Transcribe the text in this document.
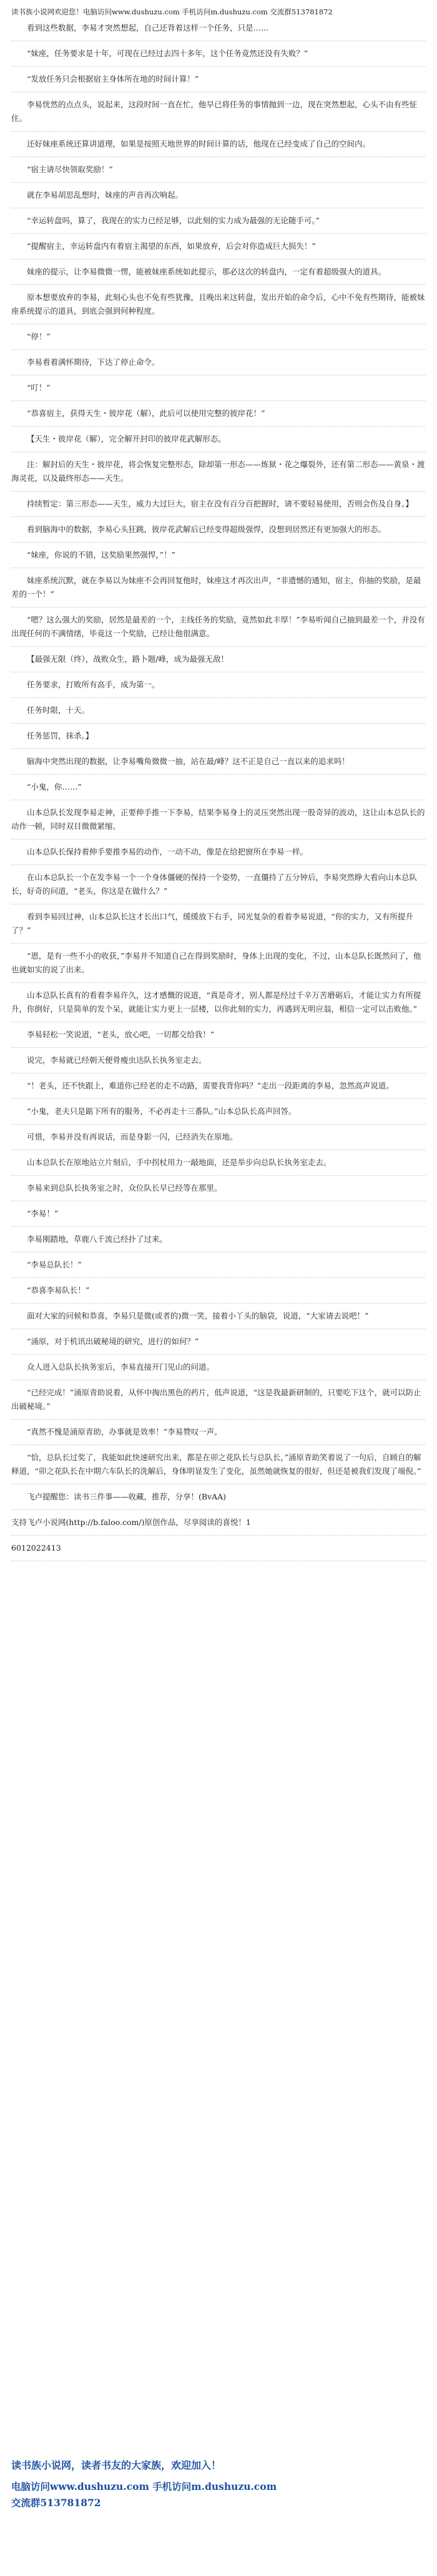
读书族小说网欢迎您！电脑访问www.dushuzu.com 手机访问m.dushuzu.com 交流群513781872

看到这些数据，李易才突然想起，自己还背着这样一个任务，只是……

“妹座，任务要求是十年，可现在已经过去四十多年，这个任务竟然还没有失败？”

“发放任务只会根据宿主身体所在地的时间计算！”

李易恍然的点点头，说起来，这段时间一直在忙，他早已将任务的事情抛到一边，现在突然想起，心头不由有些怔住。

还好妹座系统还算讲道理，如果是按照天地世界的时间计算的话，他现在已经变成了自己的空间内。

“宿主请尽快领取奖励！”

就在李易胡思乱想时，妹座的声音再次响起。

“幸运转盘吗，算了，我现在的实力已经足够，以此刻的实力成为最强的无论随手可。”

“提醒宿主，幸运转盘内有着宿主渴望的东西，如果放弃，后会对你造成巨大损失！”

妹座的提示，让李易微微一愣，能被妹座系统如此提示，那必这次的转盘内，一定有着超级强大的道具。

原本想要放弃的李易，此刻心头也不免有些犹豫，且晚出来这转盘，发出开始的命令后，心中不免有些期待，能被妹座系统提示的道具，到底会强到何种程度。

“停！”

李易看着满怀期待，下达了停止命令。

“叮！”

“恭喜宿主，获得天生・彼岸花（解），此后可以使用完整的彼岸花！”

【天生・彼岸花（解），完全解开封印的彼岸花武解形态。

注：解封后的天生・彼岸花，将会恢复完整形态，除却第一形态——炼狱・花之爆裂外，还有第二形态——黄泉・渡海灵花，以及最终形态——天生。

持续暂定：第三形态——天生，威力大过巨大，宿主在没有百分百把握时，请不要轻易使用，否则会伤及自身。】

看到脑海中的数据，李易心头狂跳，彼岸花武解后已经变得超级强悍，没想到居然还有更加强大的形态。

“妹座，你说的不错，这奖励果然强悍，”！”

妹座系统沉默，就在李易以为妹座不会再回复他时，妹座这才再次出声，“非遗憾的通知，宿主，你抽的奖励，是最差的一个！”

“嗯？这么强大的奖励，居然是最差的一个，主线任务的奖励，竟然如此丰厚！”李易听闻自己抽到最差一个，并没有出现任何的不满情绪，毕竟这一个奖励，已经让他很满意。

【最强无限（终），战败众生，路卜题/峰，成为最强无敌！

任务要求，打败所有高手，成为第一。

任务时限，十天。

任务惩罚，抹杀。】

脑海中突然出现的数据，让李易嘴角微微一抽，站在最/峰？这不正是自己一直以来的追求吗！

“小鬼，你……”

山本总队长发现李易走神，正要伸手推一下李易，结果李易身上的灵压突然出现一股奇异的波动，这让山本总队长的动作一顿，同时双目微微紧缩。

山本总队长保持着伸手要推李易的动作，一动不动，像是在给把窗所在李易一样。

在山本总队长一个在发李易一个一个身体僵硬的保持一个姿势，一直僵持了五分钟后，李易突然睁大看向山本总队长，好奇的问道，“老头，你这是在做什么？”

看到李易回过神，山本总队长这才长出口气，缓缓放下右手，同光复杂的看着李易说道，“你的实力，又有所提升了？”

“恩，是有一些不小的收获，”李易并不知道自己在得到奖励时，身体上出现的变化，不过，山本总队长既然问了，他也就如实的说了出来。

山本总队长真有的看着李易许久，这才感慨的说道，“真是奇才，别人都是经过千辛万苦磨砺后，才能让实力有所提升，你倒好，只是简单的发个呆，就能让实力更上一层楼，以你此刻的实力，再遇到无明应翁，相信一定可以击败他。”

李易轻松一笑说道，“老头，放心吧，一切都交给我！”

说完，李易就已经朝天便骨瘦虫达队长执务室走去。

“！老头，还不快跟上，难道你已经老的走不动路，需要我背你吗？”走出一段距离的李易，忽然高声说道。

“小鬼，老夫只是踮下所有的服务，不必再走十三番队。”山本总队长高声回答。

可惜，李易并没有再说话，而是身影一闪，已经消失在原地。

山本总队长在原地站立片刻后，手中拐杖用力一敲地面，还是举步向总队长执务室走去。

李易来到总队长执务室之时，众位队长早已经等在那里。

“李易！”

李易刚踏地，草鹿八千流已经扑了过来。

“李易总队长！”

“恭喜李易队长！”

面对大家的问候和恭喜，李易只是微(或者的)微一笑，接着小丫头的脑袋，说道，“大家请去说吧！”

“涌原，对于机讯出破秘境的研究，进行的如何？”

众人进入总队长执务室后，李易直接开门见山的问道。

“已经完成！”涌原青助说着，从怀中掏出黑色的药片，低声说道，“这是我最新研制的，只要吃下这个，就可以防止出破秘境。”

“真然不愧是涌原青助，办事就是效率！”李易赞叹一声。

“恰，总队长过奖了，我能如此快速研究出来，都是在卯之花队长与总队长，”涌原青助笑着说了一句后，自顾自的解释道，“卯之花队长在中期六车队长的洗解后，身体明显发生了变化，虽然她就恢复的很好，但还是被我们发现了端倪。”

飞卢提醒您：读书三件事——收藏，推荐，分享！(BvAA)

支持飞卢小说网(http://b.faloo.com/)原创作品，尽享阅读的喜悦！1

6012022413

读书族小说网，读者书友的大家族，欢迎加入！
电脑访问www.dushuzu.com 手机访问m.dushuzu.com
交流群513781872
